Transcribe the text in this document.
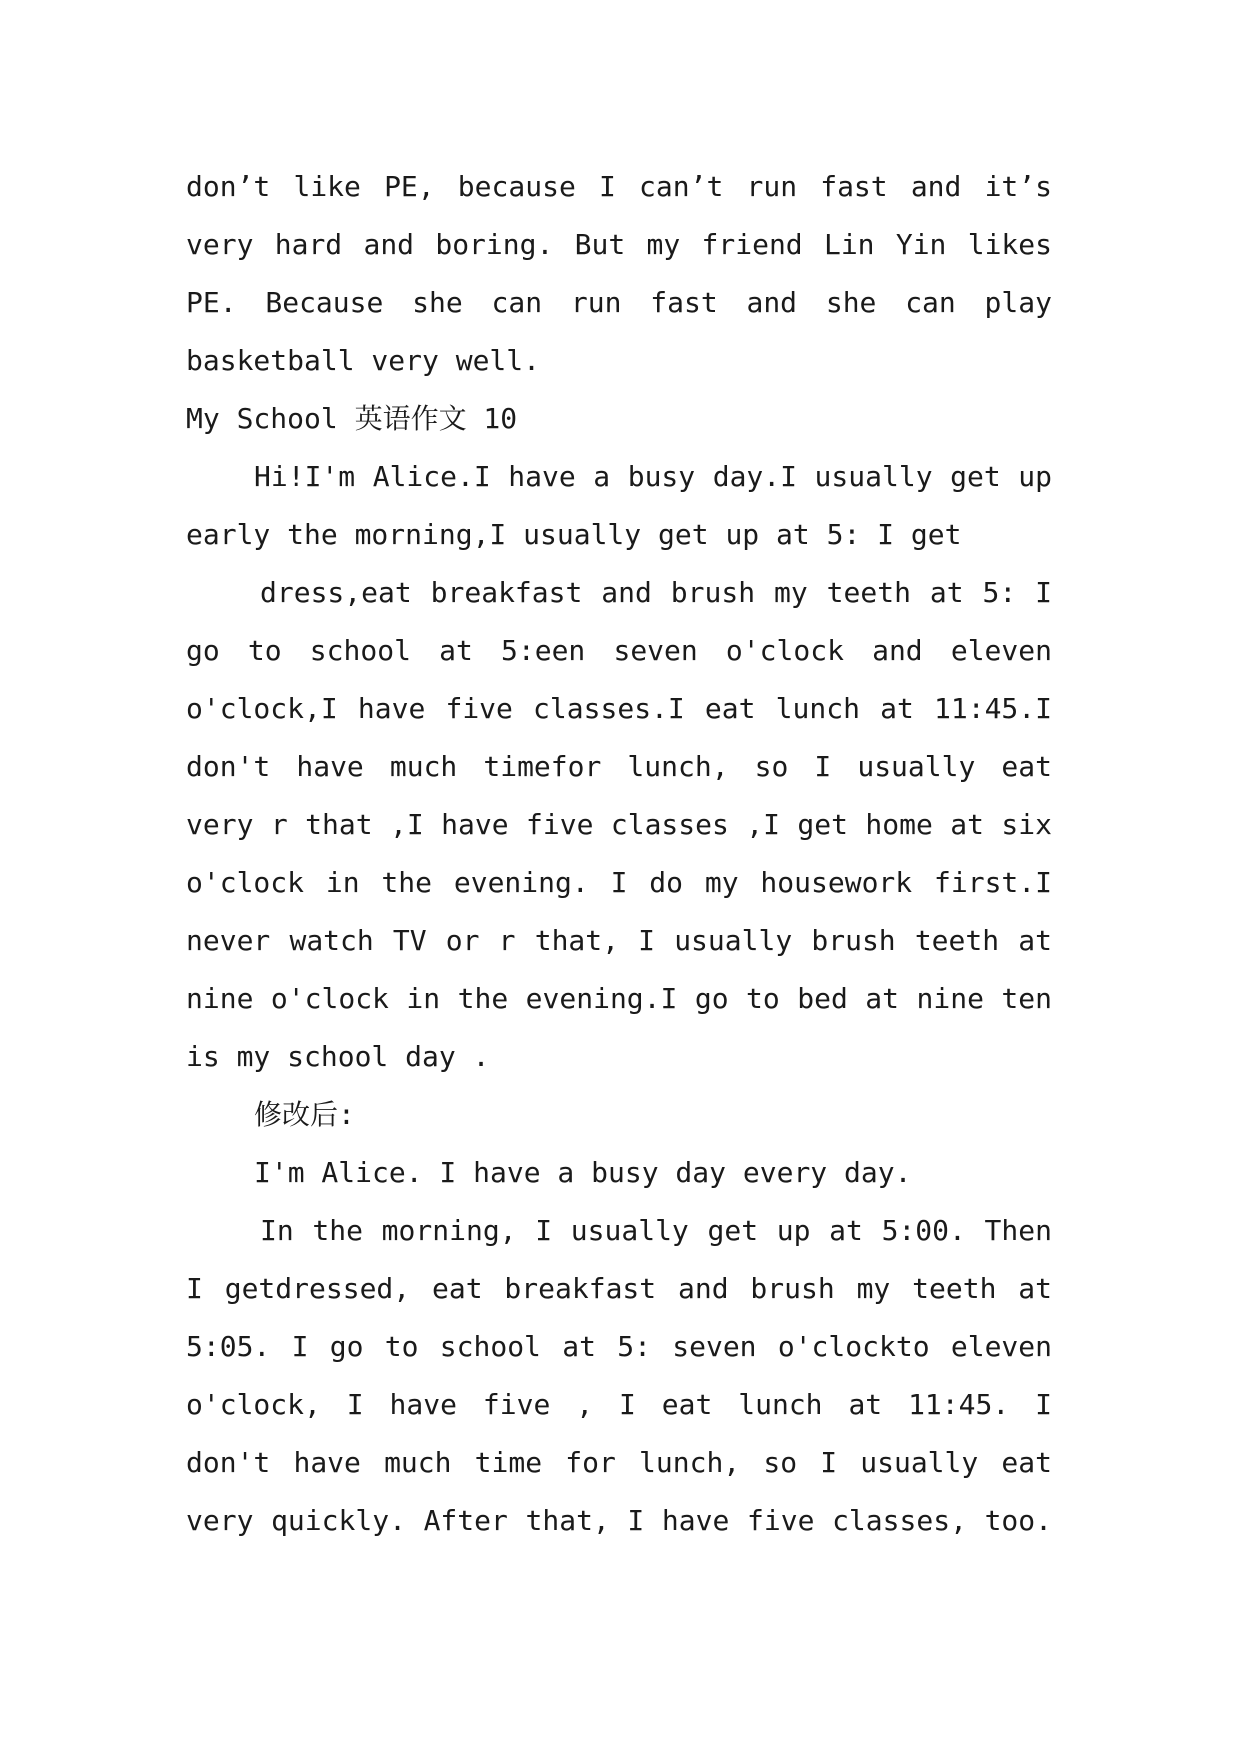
don’t like PE, because I can’t run fast and it’s
very hard and boring. But my friend Lin Yin likes
PE. Because she can run fast and she can play
basketball very well.
My School 英语作文 10
Hi!I'm Alice.I have a busy day.I usually get up
early the morning,I usually get up at 5: I get
dress,eat breakfast and brush my teeth at 5: I
go to school at 5:een seven o'clock and eleven
o'clock,I have five classes.I eat lunch at 11:45.I
don't have much timefor lunch, so I usually eat
very r that ,I have five classes ,I get home at six
o'clock in the evening. I do my housework first.I
never watch TV or r that, I usually brush teeth at
nine o'clock in the evening.I go to bed at nine ten
is my school day .
修改后:
I'm Alice. I have a busy day every day.
In the morning, I usually get up at 5:00. Then
I getdressed, eat breakfast and brush my teeth at
5:05. I go to school at 5: seven o'clockto eleven
o'clock, I have five , I eat lunch at 11:45. I
don't have much time for lunch, so I usually eat
very quickly. After that, I have five classes, too.
